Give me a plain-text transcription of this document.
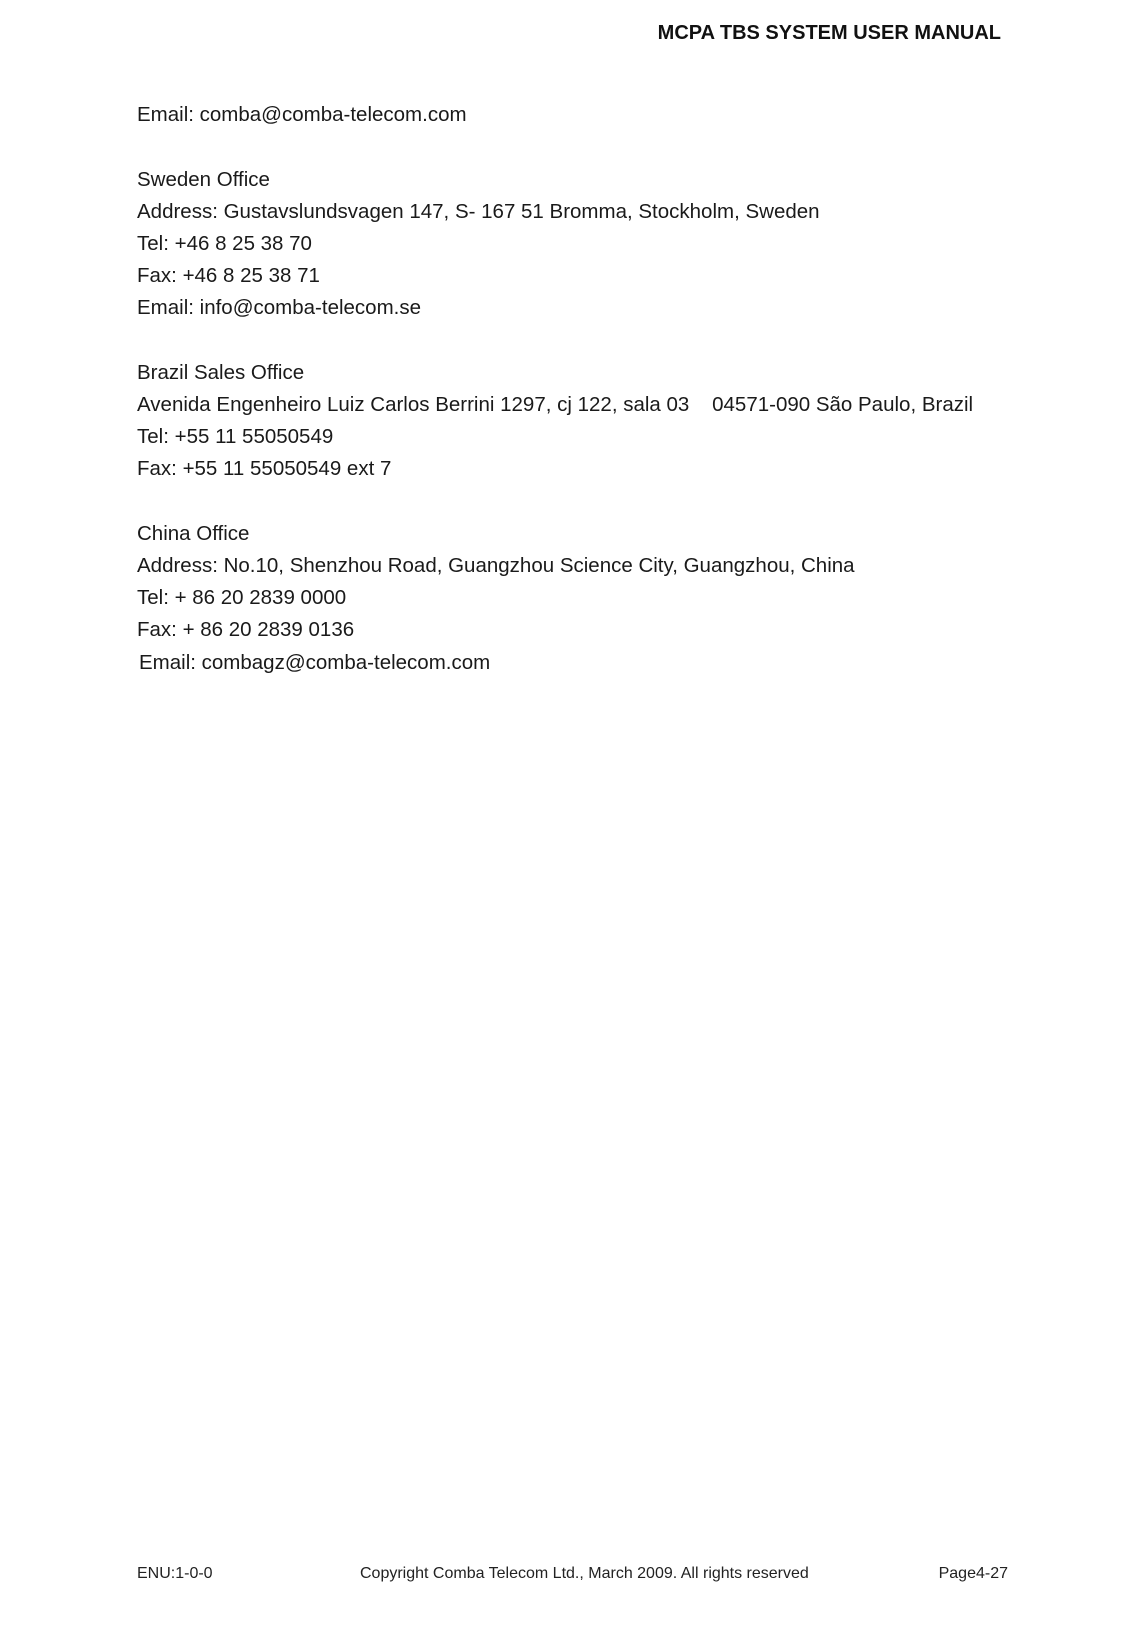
MCPA TBS SYSTEM USER MANUAL
Email: comba@comba-telecom.com
Sweden Office
Address: Gustavslundsvagen 147, S- 167 51 Bromma, Stockholm, Sweden
Tel: +46 8 25 38 70
Fax: +46 8 25 38 71
Email: info@comba-telecom.se
Brazil Sales Office
Avenida Engenheiro Luiz Carlos Berrini 1297, cj 122, sala 03    04571-090 São Paulo, Brazil
Tel: +55 11 55050549
Fax: +55 11 55050549 ext 7
China Office
Address: No.10, Shenzhou Road, Guangzhou Science City, Guangzhou, China
Tel: + 86 20 2839 0000
Fax: + 86 20 2839 0136
Email: combagz@comba-telecom.com
ENU:1-0-0	Copyright Comba Telecom Ltd., March 2009. All rights reserved	Page4-27
